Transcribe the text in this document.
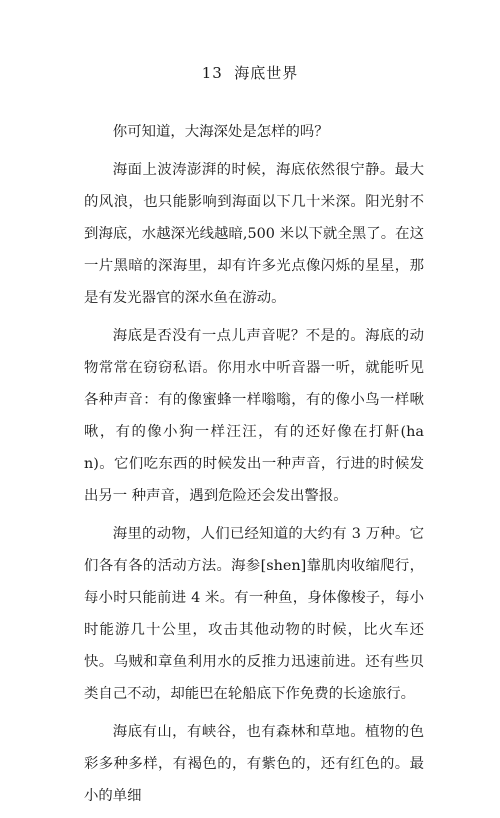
13  海底世界

你可知道，大海深处是怎样的吗？

海面上波涛澎湃的时候，海底依然很宁静。最大的风浪，也只能影响到海面以下几十米深。阳光射不到海底，水越深光线越暗,500 米以下就全黑了。在这一片黑暗的深海里，却有许多光点像闪烁的星星，那是有发光器官的深水鱼在游动。

海底是否没有一点儿声音呢？不是的。海底的动物常常在窃窃私语。你用水中听音器一听，就能听见各种声音：有的像蜜蜂一样嗡嗡，有的像小鸟一样啾啾，有的像小狗一样汪汪，有的还好像在打鼾(han)。它们吃东西的时候发出一种声音，行进的时候发出另一 种声音，遇到危险还会发出警报。

海里的动物，人们已经知道的大约有 3 万种。它们各有各的活动方法。海参[shen]靠肌肉收缩爬行，每小时只能前进 4 米。有一种鱼，身体像梭子，每小时能游几十公里，攻击其他动物的时候，比火车还快。乌贼和章鱼利用水的反推力迅速前进。还有些贝类自己不动，却能巴在轮船底下作免费的长途旅行。

海底有山，有峡谷，也有森林和草地。植物的色彩多种多样，有褐色的，有紫色的，还有红色的。最小的单细
